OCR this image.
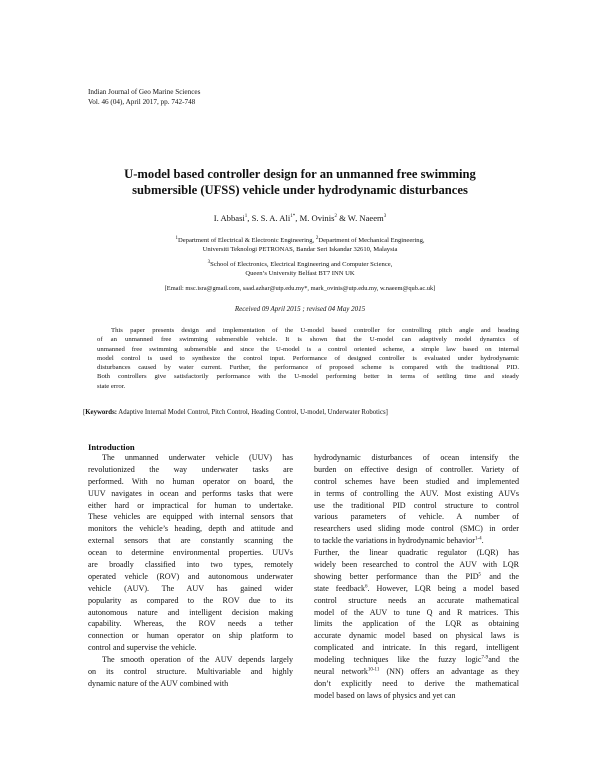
Indian Journal of Geo Marine Sciences
Vol. 46 (04), April 2017, pp. 742-748
U-model based controller design for an unmanned free swimming
submersible (UFSS) vehicle under hydrodynamic disturbances
I. Abbasi$^1$, S. S. A. Ali$^{1*}$, M. Ovinis$^2$ & W. Naeem$^3$
$^1$Department of Electrical & Electronic Engineering, $^2$Department of Mechanical Engineering,
Universiti Teknologi PETRONAS, Bandar Seri Iskandar 32610, Malaysia
$^3$School of Electronics, Electrical Engineering and Computer Science,
Queen’s University Belfast BT7 INN UK
[Email: msc.isra@gmail.com, saad.azhar@utp.edu.my*, mark_ovinis@utp.edu.my, w.naeem@qub.ac.uk]
Received 09 April 2015 ; revised 04 May 2015

This paper presents design and implementation of the U-model based controller for controlling pitch angle and heading
of an unmanned free swimming submersible vehicle. It is shown that the U-model can adaptively model dynamics of
unmanned free swimming submersible and since the U-model is a control oriented scheme, a simple law based on internal
model control is used to synthesize the control input. Performance of designed controller is evaluated under hydrodynamic
disturbances caused by water current. Further, the performance of proposed scheme is compared with the traditional PID.
Both controllers give satisfactorily performance with the U-model performing better in terms of settling time and steady
state error.

[Keywords: Adaptive Internal Model Control, Pitch Control, Heading Control, U-model, Underwater Robotics]
Introduction
The unmanned underwater vehicle (UUV) has
revolutionized the way underwater tasks are
performed. With no human operator on board, the
UUV navigates in ocean and performs tasks that were
either hard or impractical for human to undertake.
These vehicles are equipped with internal sensors that
monitors the vehicle’s heading, depth and attitude and
external sensors that are constantly scanning the
ocean to determine environmental properties. UUVs
are broadly classified into two types, remotely
operated vehicle (ROV) and autonomous underwater
vehicle (AUV). The AUV has gained wider
popularity as compared to the ROV due to its
autonomous nature and intelligent decision making
capability. Whereas, the ROV needs a tether
connection or human operator on ship platform to
control and supervise the vehicle.
The smooth operation of the AUV depends largely
on its control structure. Multivariable and highly
dynamic nature of the AUV combined with
hydrodynamic disturbances of ocean intensify the
burden on effective design of controller. Variety of
control schemes have been studied and implemented
in terms of controlling the AUV. Most existing AUVs
use the traditional PID control structure to control
various parameters of vehicle. A number of
researchers used sliding mode control (SMC) in order
to tackle the variations in hydrodynamic behavior$^{1-4}$.
Further, the linear quadratic regulator (LQR) has
widely been researched to control the AUV with LQR
showing better performance than the PID$^5$ and the
state feedback$^6$. However, LQR being a model based
control structure needs an accurate mathematical
model of the AUV to tune Q and R matrices. This
limits the application of the LQR as obtaining
accurate dynamic model based on physical laws is
complicated and intricate. In this regard, intelligent
modeling techniques like the fuzzy logic$^{7-9}$and the
neural network$^{10-11}$ (NN) offers an advantage as they
don’t explicitly need to derive the mathematical
model based on laws of physics and yet can
